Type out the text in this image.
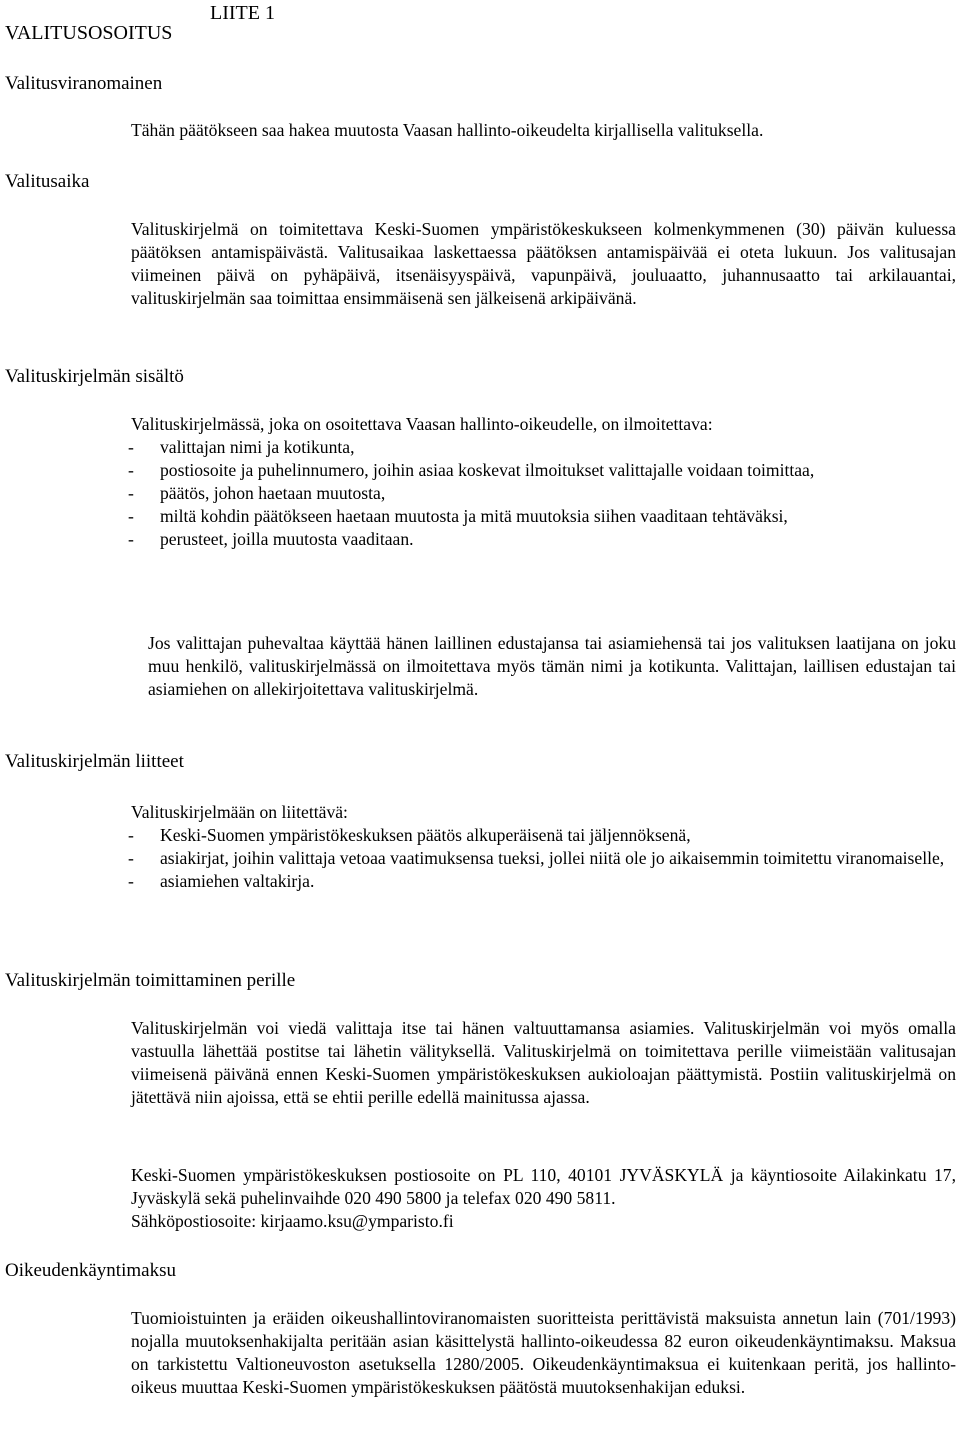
VALITUSOSOITUS
LIITE 1
Valitusviranomainen

Tähän päätökseen saa hakea muutosta Vaasan hallinto-oikeudelta kirjallisella valituksella.

Valitusaika

Valituskirjelmä on toimitettava Keski-Suomen ympäristökeskukseen kolmenkymmenen (30) päivän kuluessa päätöksen antamispäivästä. Valitusaikaa laskettaessa päätöksen antamispäivää ei oteta lukuun. Jos valitusajan viimeinen päivä on pyhäpäivä, itsenäisyyspäivä, vapunpäivä, jouluaatto, juhannusaatto tai arkilauantai, valituskirjelmän saa toimittaa ensimmäisenä sen jälkeisenä arkipäivänä.

Valituskirjelmän sisältö
Valituskirjelmässä, joka on osoitettava Vaasan hallinto-oikeudelle, on ilmoitettava:
- valittajan nimi ja kotikunta,
- postiosoite ja puhelinnumero, joihin asiaa koskevat ilmoitukset valittajalle voidaan toimittaa,
- päätös, johon haetaan muutosta,
- miltä kohdin päätökseen haetaan muutosta ja mitä muutoksia siihen vaaditaan tehtäväksi,
- perusteet, joilla muutosta vaaditaan.

Jos valittajan puhevaltaa käyttää hänen laillinen edustajansa tai asiamiehensä tai jos valituksen laatijana on joku muu henkilö, valituskirjelmässä on ilmoitettava myös tämän nimi ja kotikunta. Valittajan, laillisen edustajan tai asiamiehen on allekirjoitettava valituskirjelmä.

Valituskirjelmän liitteet
Valituskirjelmään on liitettävä:
- Keski-Suomen ympäristökeskuksen päätös alkuperäisenä tai jäljennöksenä,
- asiakirjat, joihin valittaja vetoaa vaatimuksensa tueksi, jollei niitä ole jo aikaisemmin toimitettu viranomaiselle,
- asiamiehen valtakirja.
Valituskirjelmän toimittaminen perille

Valituskirjelmän voi viedä valittaja itse tai hänen valtuuttamansa asiamies. Valituskirjelmän voi myös omalla vastuulla lähettää postitse tai lähetin välityksellä. Valituskirjelmä on toimitettava perille viimeistään valitusajan viimeisenä päivänä ennen Keski-Suomen ympäristökeskuksen aukioloajan päättymistä. Postiin valituskirjelmä on jätettävä niin ajoissa, että se ehtii perille edellä mainitussa ajassa.

Keski-Suomen ympäristökeskuksen postiosoite on PL 110, 40101 JYVÄSKYLÄ ja käyntiosoite Ailakinkatu 17, Jyväskylä sekä puhelinvaihde 020 490 5800 ja telefax 020 490 5811.

Sähköpostiosoite: kirjaamo.ksu@ymparisto.fi

Oikeudenkäyntimaksu

Tuomioistuinten ja eräiden oikeushallintoviranomaisten suoritteista perittävistä maksuista annetun lain (701/1993) nojalla muutoksenhakijalta peritään asian käsittelystä hallinto-oikeudessa 82 euron oikeudenkäyntimaksu. Maksua on tarkistettu Valtioneuvoston asetuksella 1280/2005. Oikeudenkäyntimaksua ei kuitenkaan peritä, jos hallinto-oikeus muuttaa Keski-Suomen ympäristökeskuksen päätöstä muutoksenhakijan eduksi.
